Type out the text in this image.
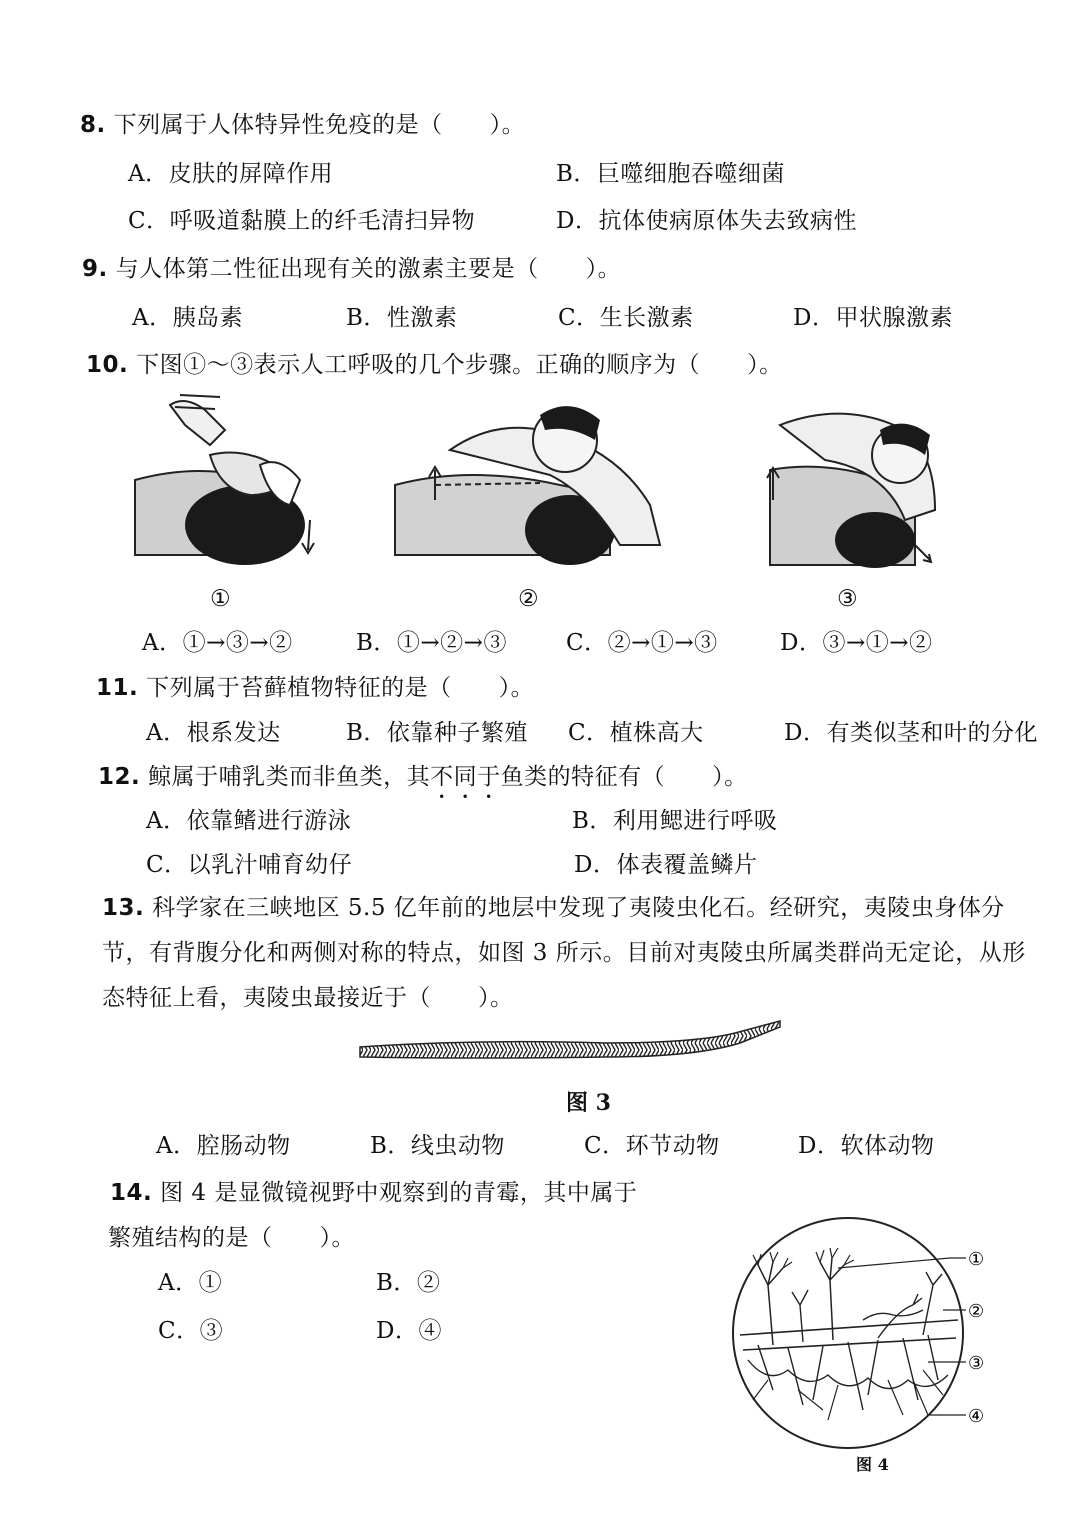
8. 下列属于人体特异性免疫的是（　　）。
A．皮肤的屏障作用	B．巨噬细胞吞噬细菌
C．呼吸道黏膜上的纤毛清扫异物	D．抗体使病原体失去致病性
9. 与人体第二性征出现有关的激素主要是（　　）。
A．胰岛素	B．性激素	C．生长激素	D．甲状腺激素
10. 下图①～③表示人工呼吸的几个步骤。正确的顺序为（　　）。
①	②	③
A．①→③→②	B．①→②→③	C．②→①→③	D．③→①→②
11. 下列属于苔藓植物特征的是（　　）。
A．根系发达	B．依靠种子繁殖 C．植株高大	D．有类似茎和叶的分化
12. 鲸属于哺乳类而非鱼类，其不同于鱼类的特征有（　　）。
A．依靠鳍进行游泳	B．利用鳃进行呼吸
C．以乳汁哺育幼仔	D．体表覆盖鳞片
13. 科学家在三峡地区 5.5 亿年前的地层中发现了夷陵虫化石。经研究，夷陵虫身体分
节，有背腹分化和两侧对称的特点，如图 3 所示。目前对夷陵虫所属类群尚无定论，从形
态特征上看，夷陵虫最接近于（　　）。
图 3
A．腔肠动物	B．线虫动物	C．环节动物	D．软体动物
14. 图 4 是显微镜视野中观察到的青霉，其中属于
繁殖结构的是（　　）。
A．①	B．②
C．③	D．④
①
②
③
④
图 4
